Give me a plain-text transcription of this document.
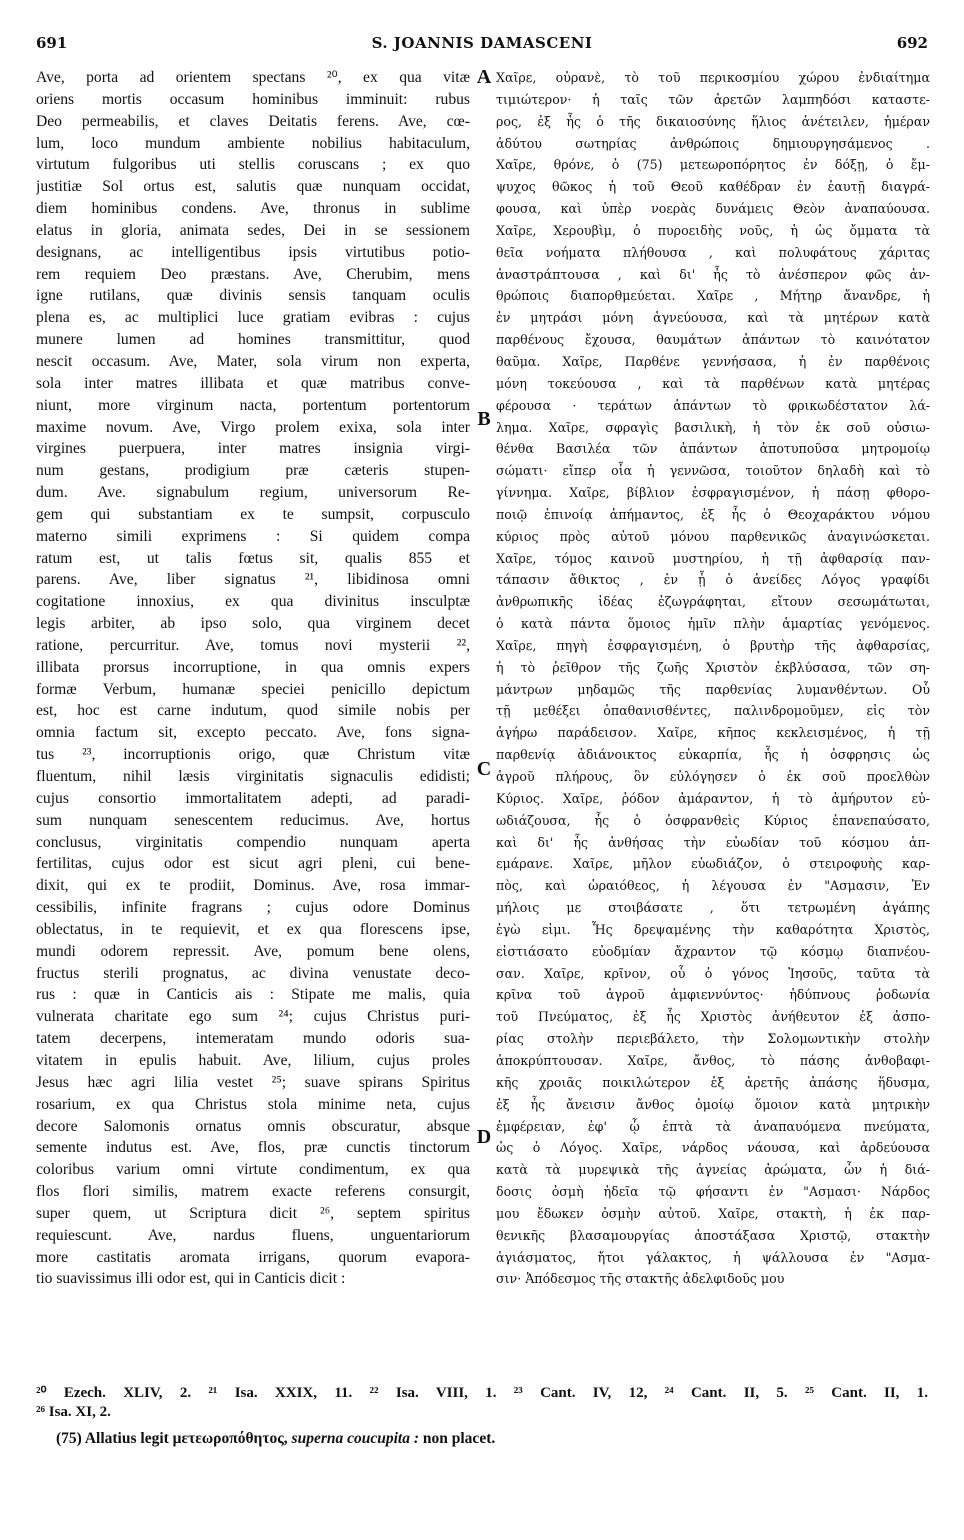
691	S. JOANNIS DAMASCENI	692
Ave, porta ad orientem spectans ²⁰, ex qua vitæ
oriens mortis occasum hominibus imminuit: rubus
Deo permeabilis, et claves Deitatis ferens. Ave, cœ-
lum, loco mundum ambiente nobilius habitaculum,
virtutum fulgoribus uti stellis coruscans ; ex quo
justitiæ Sol ortus est, salutis quæ nunquam occidat,
diem hominibus condens. Ave, thronus in sublime
elatus in gloria, animata sedes, Dei in se sessionem
designans, ac intelligentibus ipsis virtutibus potio-
rem requiem Deo præstans. Ave, Cherubim, mens
igne rutilans, quæ divinis sensis tanquam oculis
plena es, ac multiplici luce gratiam evibras : cujus
munere lumen ad homines transmittitur, quod
nescit occasum. Ave, Mater, sola virum non experta,
sola inter matres illibata et quæ matribus conve-
niunt, more virginum nacta, portentum portentorum
maxime novum. Ave, Virgo prolem exixa, sola inter
virgines puerpuera, inter matres insignia virgi-
num gestans, prodigium præ cæteris stupen-
dum. Ave. signabulum regium, universorum Re-
gem qui substantiam ex te sumpsit, corpusculo
materno simili exprimens : Si quidem compa
ratum est, ut talis fœtus sit, qualis 855 et
parens. Ave, liber signatus ²¹, libidinosa omni
cogitatione innoxius, ex qua divinitus insculptæ
legis arbiter, ab ipso solo, qua virginem decet
ratione, percurritur. Ave, tomus novi mysterii ²²,
illibata prorsus incorruptione, in qua omnis expers
formæ Verbum, humanæ speciei penicillo depictum
est, hoc est carne indutum, quod simile nobis per
omnia factum sit, excepto peccato. Ave, fons signa-
tus ²³, incorruptionis origo, quæ Christum vitæ
fluentum, nihil læsis virginitatis signaculis edidisti;
cujus consortio immortalitatem adepti, ad paradi-
sum nunquam senescentem reducimus. Ave, hortus
conclusus, virginitatis compendio nunquam aperta
fertilitas, cujus odor est sicut agri pleni, cui bene-
dixit, qui ex te prodiit, Dominus. Ave, rosa immar-
cessibilis, infinite fragrans ; cujus odore Dominus
oblectatus, in te requievit, et ex qua florescens ipse,
mundi odorem repressit. Ave, pomum bene olens,
fructus sterili prognatus, ac divina venustate deco-
rus : quæ in Canticis ais : Stipate me malis, quia
vulnerata charitate ego sum ²⁴; cujus Christus puri-
tatem decerpens, intemeratam mundo odoris sua-
vitatem in epulis habuit. Ave, lilium, cujus proles
Jesus hæc agri lilia vestet ²⁵; suave spirans Spiritus
rosarium, ex qua Christus stola minime neta, cujus
decore Salomonis ornatus omnis obscuratur, absque
semente indutus est. Ave, flos, præ cunctis tinctorum
coloribus varium omni virtute condimentum, ex qua
flos flori similis, matrem exacte referens consurgit,
super quem, ut Scriptura dicit ²⁶, septem spiritus
requiescunt. Ave, nardus fluens, unguentariorum
more castitatis aromata irrigans, quorum evapora-
tio suavissimus illi odor est, qui in Canticis dicit :
Χαῖρε, οὐρανὲ, τὸ τοῦ περικοσμίου χώρου ἐνδιαίτημα
τιμιώτερον· ἡ ταῖς τῶν ἀρετῶν λαμπηδόσι καταστε-
ρος, ἐξ ἧς ὁ τῆς δικαιοσύνης ἥλιος ἀνέτειλεν, ἡμέραν
ἀδύτου σωτηρίας ἀνθρώποις δημιουργησάμενος .
Χαῖρε, θρόνε, ὁ (75) μετεωροπόρητος ἐν δόξῃ, ὁ ἔμ-
ψυχος θῶκος ἡ τοῦ Θεοῦ καθέδραν ἐν ἑαυτῇ διαγρά-
φουσα, καὶ ὑπὲρ νοερὰς δυνάμεις Θεὸν ἀναπαύουσα.
Χαῖρε, Χερουβὶμ, ὁ πυροειδὴς νοῦς, ἡ ὡς ὄμματα τὰ
θεῖα νοήματα πλήθουσα , καὶ πολυφάτους χάριτας
ἀναστράπτουσα , καὶ δι' ἧς τὸ ἀνέσπερον φῶς ἀν-
θρώποις διαπορθμεύεται. Χαῖρε , Μήτηρ ἄνανδρε, ἡ
ἐν μητράσι μόνη ἁγνεύουσα, καὶ τὰ μητέρων κατὰ
παρθένους ἔχουσα, θαυμάτων ἁπάντων τὸ καινότατον
θαῦμα. Χαῖρε, Παρθένε γεννήσασα, ἡ ἐν παρθένοις
μόνη τοκεύουσα , καὶ τὰ παρθένων κατὰ μητέρας
φέρουσα · τεράτων ἁπάντων τὸ φρικωδέστατον λά-
λημα. Χαῖρε, σφραγὶς βασιλικὴ, ἡ τὸν ἐκ σοῦ οὐσιω-
θένθα Βασιλέα τῶν ἁπάντων ἀποτυποῦσα μητρομοίῳ
σώματι· εἴπερ οἷα ἡ γεννῶσα, τοιοῦτον δηλαδὴ καὶ τὸ
γίννημα. Χαῖρε, βίβλιον ἐσφραγισμένον, ἡ πάσῃ φθορο-
ποιῷ ἐπινοίᾳ ἀπήμαντος, ἐξ ἧς ὁ Θεοχαράκτου νόμου
κύριος πρὸς αὐτοῦ μόνου παρθενικῶς ἀναγινώσκεται.
Χαῖρε, τόμος καινοῦ μυστηρίου, ἡ τῇ ἀφθαρσίᾳ παν-
τάπασιν ἄθικτος , ἐν ᾗ ὁ ἀνείδες Λόγος γραφίδι
ἀνθρωπικῆς ἰδέας ἐζωγράφηται, εἴτουν σεσωμάτωται,
ὁ κατὰ πάντα ὅμοιος ἡμῖν πλὴν ἁμαρτίας γενόμενος.
Χαῖρε, πηγὴ ἐσφραγισμένη, ὁ βρυτὴρ τῆς ἀφθαρσίας,
ἡ τὸ ῥεῖθρον τῆς ζωῆς Χριστὸν ἐκβλύσασα, τῶν ση-
μάντρων μηδαμῶς τῆς παρθενίας λυμανθέντων. Οὗ
τῇ μεθέξει ὁπαθανισθέντες, παλινδρομοῦμεν, εἰς τὸν
ἀγήρω παράδεισον. Χαῖρε, κῆπος κεκλεισμένος, ἡ τῇ
παρθενίᾳ ἀδιάνοικτος εὐκαρπία, ἧς ἡ ὀσφρησις ὡς
ἀγροῦ πλήρους, ὃν εὐλόγησεν ὁ ἐκ σοῦ προελθὼν
Κύριος. Χαῖρε, ῥόδον ἀμάραντον, ἡ τὸ ἀμήρυτον εὐ-
ωδιάζουσα, ἧς ὁ ὀσφρανθεὶς Κύριος ἐπανεπαύσατο,
καὶ δι' ἧς ἀνθήσας τὴν εὐωδίαν τοῦ κόσμου ἀπ-
εμάρανε. Χαῖρε, μῆλον εὐωδιάζον, ὁ στειροφυὴς καρ-
πὸς, καὶ ὡραιόθεος, ἡ λέγουσα ἐν "Ασμασιν, Ἐν
μήλοις με στοιβάσατε , ὅτι τετρωμένη ἀγάπης
ἐγὼ εἰμι. Ἧς δρεψαμένης τὴν καθαρότητα Χριστὸς,
εἰστιάσατο εὐοδμίαν ἄχραντον τῷ κόσμῳ διαπνέου-
σαν. Χαῖρε, κρῖνον, οὗ ὁ γόνος Ἰησοῦς, ταῦτα τὰ
κρῖνα τοῦ ἀγροῦ ἀμφιεννύντος· ἡδύπνους ῥοδωνία
τοῦ Πνεύματος, ἐξ ἧς Χριστὸς ἀνήθευτον ἐξ ἀσπο-
ρίας στολὴν περιεβάλετο, τὴν Σολομωντικὴν στολὴν
ἀποκρύπτουσαν. Χαῖρε, ἄνθος, τὸ πάσης ἀνθοβαφι-
κῆς χροιᾶς ποικιλώτερον ἐξ ἀρετῆς ἁπάσης ἥδυσμα,
ἐξ ἧς ἄνεισιν ἄνθος ὁμοίῳ ὅμοιον κατὰ μητρικὴν
ἐμφέρειαν, ἐφ' ᾧ ἑπτὰ τὰ ἀναπαυόμενα πνεύματα,
ὡς ὁ Λόγος. Χαῖρε, νάρδος νάουσα, καὶ ἀρδεύουσα
κατὰ τὰ μυρεψικὰ τῆς ἁγνείας ἀρώματα, ὧν ἡ διά-
δοσις ὀσμὴ ἡδεῖα τῷ φήσαντι ἐν "Ασμασι· Νάρδος
μου ἔδωκεν ὀσμὴν αὐτοῦ. Χαῖρε, στακτὴ, ἡ ἐκ παρ-
θενικῆς βλασαμουργίας ἀποστάξασα Χριστῷ, στακτὴν
ἁγιάσματος, ἤτοι γάλακτος, ἡ ψάλλουσα ἐν "Ασμα-
σιν· Ἀπόδεσμος τῆς στακτῆς ἀδελφιδοῦς μου
A
B
C
D
²⁰ Ezech. XLIV, 2. ²¹ Isa. XXIX, 11. ²² Isa. VIII, 1. ²³ Cant. IV, 12, ²⁴ Cant. II, 5. ²⁵ Cant. II, 1.
²⁶ Isa. XI, 2.
(75) Allatius legit μετεωροπόθητος, superna coucupita : non placet.
